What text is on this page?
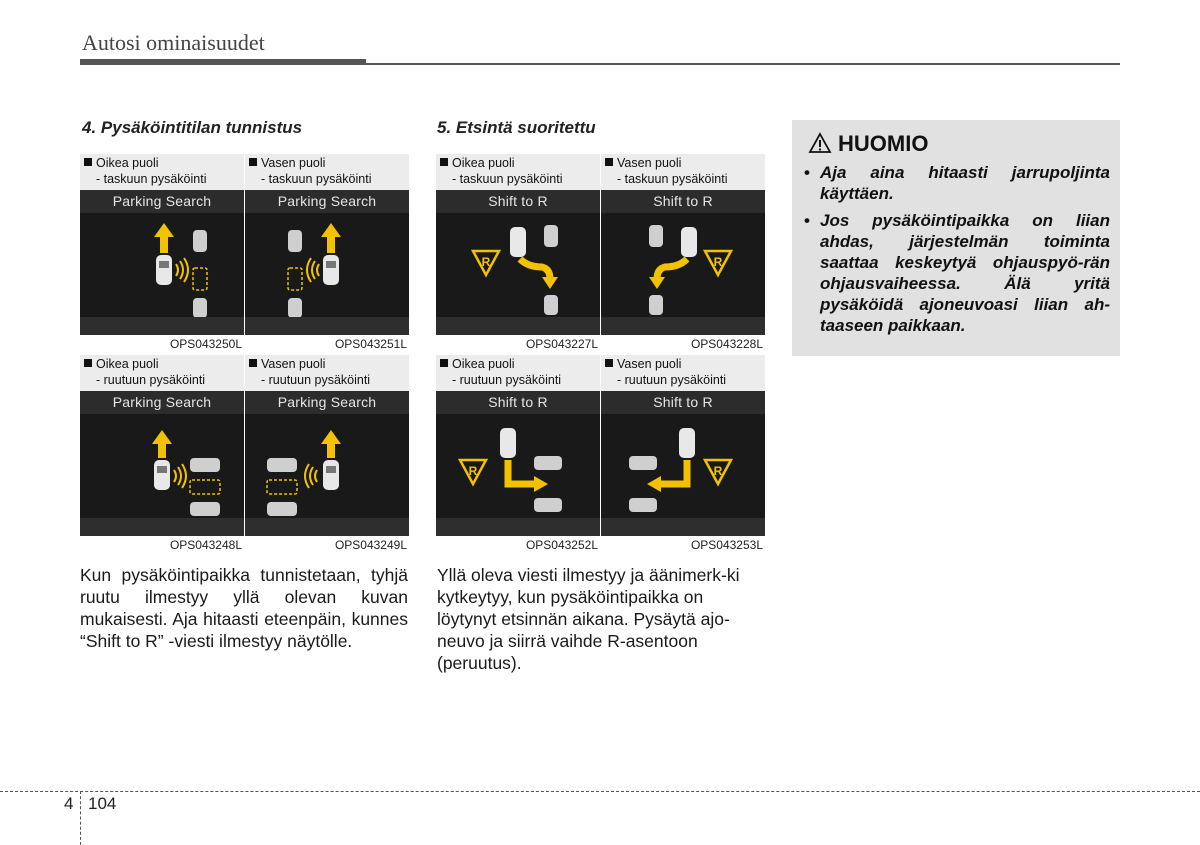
Autosi ominaisuudet
4. Pysäköintitilan tunnistus
Oikea puoli
- taskuun pysäköinti
Parking Search
OPS043250L
Vasen puoli
- taskuun pysäköinti
Parking Search
OPS043251L
Oikea puoli
- ruutuun pysäköinti
Parking Search
OPS043248L
Vasen puoli
- ruutuun pysäköinti
Parking Search
OPS043249L

Kun pysäköintipaikka tunnistetaan, tyhjä ruutu ilmestyy yllä olevan kuvan mukaisesti. Aja hitaasti eteenpäin, kunnes “Shift to R” -viesti ilmestyy näytölle.

5. Etsintä suoritettu
Oikea puoli
- taskuun pysäköinti
Shift to R
R
OPS043227L
Vasen puoli
- taskuun pysäköinti
Shift to R
R
OPS043228L
Oikea puoli
- ruutuun pysäköinti
Shift to R
R
OPS043252L
Vasen puoli
- ruutuun pysäköinti
Shift to R
R
OPS043253L

Yllä oleva viesti ilmestyy ja äänimerk-ki kytkeytyy, kun pysäköintipaikka on löytynyt etsinnän aikana. Pysäytä ajo-neuvo ja siirrä vaihde R-asentoon (peruutus).

HUOMIO
• Aja aina hitaasti jarrupoljinta käyttäen.
• Jos pysäköintipaikka on liian ahdas, järjestelmän toiminta saattaa keskeytyä ohjauspyö-rän ohjausvaiheessa. Älä yritä pysäköidä ajoneuvoasi liian ah-taaseen paikkaan.
4 104
